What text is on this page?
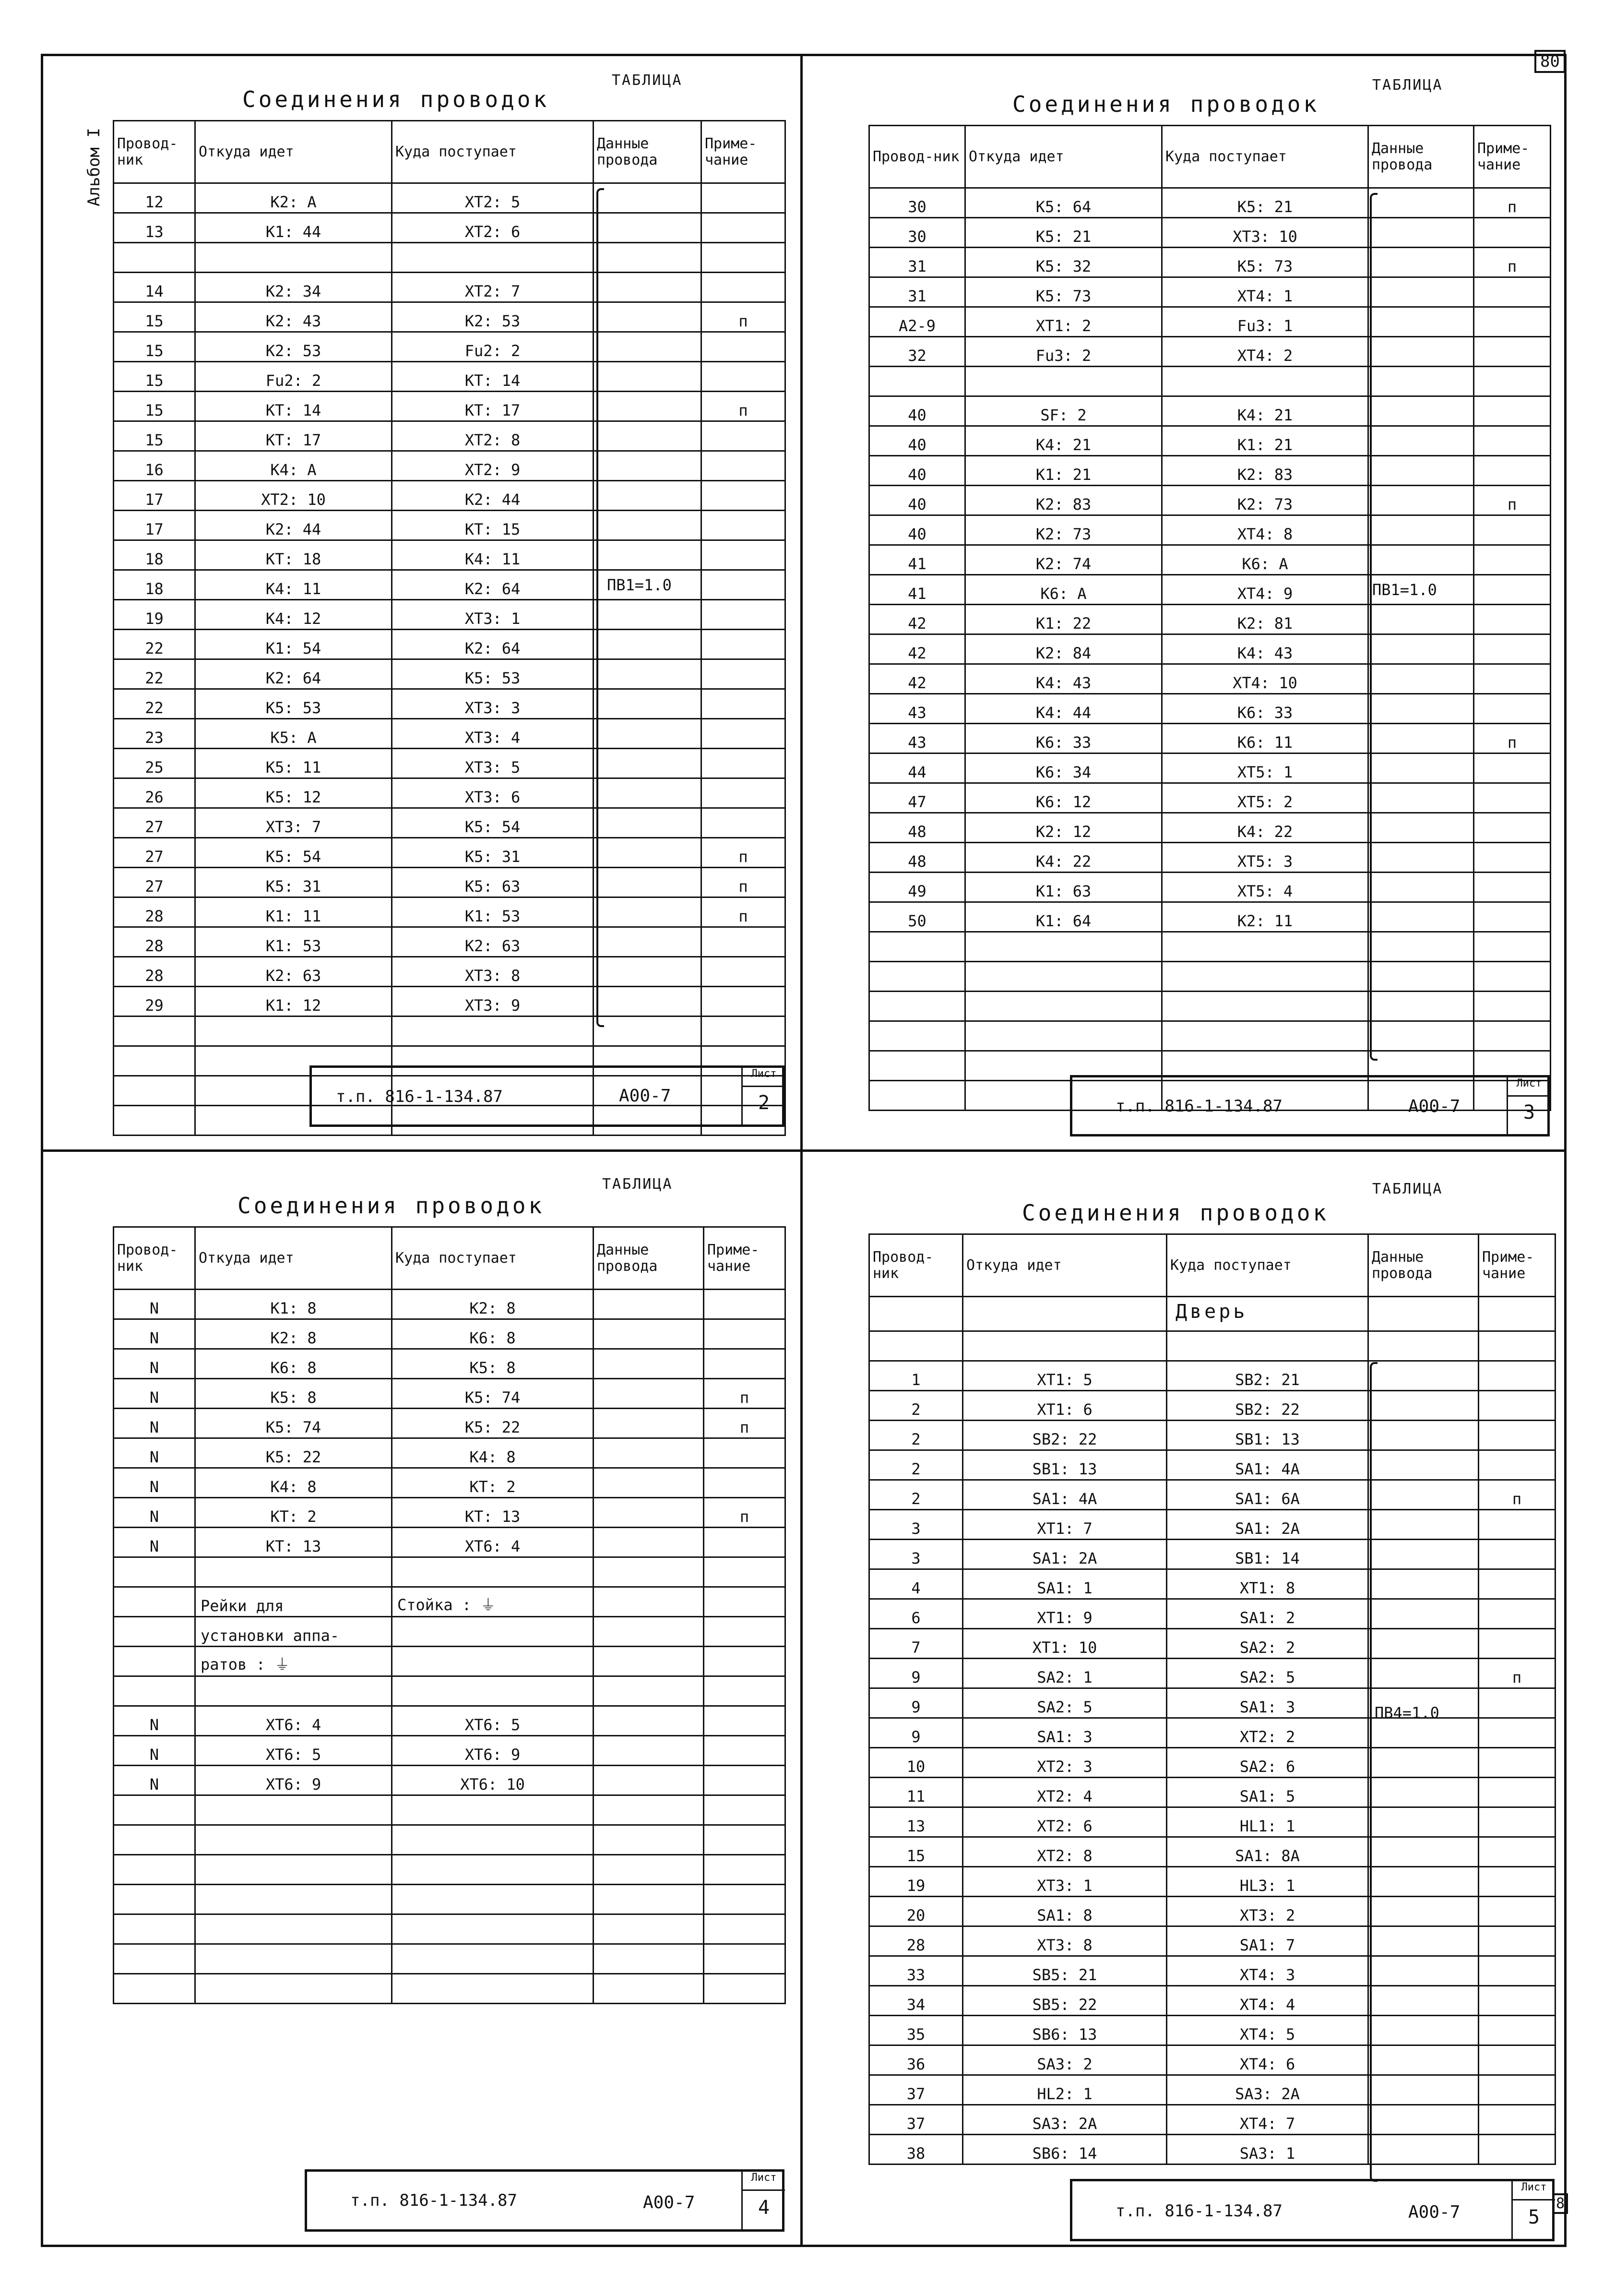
Альбом I
80
8
ТАБЛИЦА
Соединения проводок
Провод-ник	Откуда идет	Куда поступает	Данные провода	Приме-чание
12	K2: A	XT2: 5		
13	K1: 44	XT2: 6		

14	K2: 34	XT2: 7		
15	K2: 43	K2: 53		п
15	K2: 53	Fu2: 2		
15	Fu2: 2	KT: 14		
15	KT: 14	KT: 17		п
15	KT: 17	XT2: 8		
16	K4: A	XT2: 9		
17	XT2: 10	K2: 44		
17	K2: 44	KT: 15		
18	KT: 18	K4: 11		
18	K4: 11	K2: 64		
19	K4: 12	XT3: 1		
22	K1: 54	K2: 64		
22	K2: 64	K5: 53		
22	K5: 53	XT3: 3		
23	K5: A	XT3: 4		
25	K5: 11	XT3: 5		
26	K5: 12	XT3: 6		
27	XT3: 7	K5: 54		
27	K5: 54	K5: 31		п
27	K5: 31	K5: 63		п
28	K1: 11	K1: 53		п
28	K1: 53	K2: 63		
28	K2: 63	XT3: 8		
29	K1: 12	XT3: 9		

ПВ1=1.0
т.п. 816-1-134.87	А00-7
Лист
2
ТАБЛИЦА
Соединения проводок
Провод-ник	Откуда идет	Куда поступает	Данные провода	Приме-чание
30	K5: 64	K5: 21		п
30	K5: 21	XT3: 10		
31	K5: 32	K5: 73		п
31	K5: 73	XT4: 1		
A2-9	XT1: 2	Fu3: 1		
32	Fu3: 2	XT4: 2		

40	SF: 2	K4: 21		
40	K4: 21	K1: 21		
40	K1: 21	K2: 83		
40	K2: 83	K2: 73		п
40	K2: 73	XT4: 8		
41	K2: 74	K6: A		
41	K6: A	XT4: 9		
42	K1: 22	K2: 81		
42	K2: 84	K4: 43		
42	K4: 43	XT4: 10		
43	K4: 44	K6: 33		
43	K6: 33	K6: 11		п
44	K6: 34	XT5: 1		
47	K6: 12	XT5: 2		
48	K2: 12	K4: 22		
48	K4: 22	XT5: 3		
49	K1: 63	XT5: 4		
50	K1: 64	K2: 11		

ПВ1=1.0
т.п. 816-1-134.87	А00-7
Лист
3
ТАБЛИЦА
Соединения проводок
Провод-ник	Откуда идет	Куда поступает	Данные провода	Приме-чание
N	K1: 8	K2: 8		
N	K2: 8	K6: 8		
N	K6: 8	K5: 8		
N	K5: 8	K5: 74		п
N	K5: 74	K5: 22		п
N	K5: 22	K4: 8		
N	K4: 8	KT: 2		
N	KT: 2	KT: 13		п
N	KT: 13	XT6: 4		

	Рейки для	Стойка : ⏚		
	установки аппа-			
	ратов : ⏚			

N	XT6: 4	XT6: 5		
N	XT6: 5	XT6: 9		
N	XT6: 9	XT6: 10		

т.п. 816-1-134.87	А00-7
Лист
4
ТАБЛИЦА
Соединения проводок
Провод-ник	Откуда идет	Куда поступает	Данные провода	Приме-чание

1	XT1: 5	SB2: 21		
2	XT1: 6	SB2: 22		
2	SB2: 22	SB1: 13		
2	SB1: 13	SA1: 4A		
2	SA1: 4A	SA1: 6A		п
3	XT1: 7	SA1: 2A		
3	SA1: 2A	SB1: 14		
4	SA1: 1	XT1: 8		
6	XT1: 9	SA1: 2		
7	XT1: 10	SA2: 2		
9	SA2: 1	SA2: 5		п
9	SA2: 5	SA1: 3		
9	SA1: 3	XT2: 2		
10	XT2: 3	SA2: 6		
11	XT2: 4	SA1: 5		
13	XT2: 6	HL1: 1		
15	XT2: 8	SA1: 8A		
19	XT3: 1	HL3: 1		
20	SA1: 8	XT3: 2		
28	XT3: 8	SA1: 7		
33	SB5: 21	XT4: 3		
34	SB5: 22	XT4: 4		
35	SB6: 13	XT4: 5		
36	SA3: 2	XT4: 6		
37	HL2: 1	SA3: 2A		
37	SA3: 2A	XT4: 7		
38	SB6: 14	SA3: 1		
Дверь
ПВ4=1.0
т.п. 816-1-134.87	А00-7
Лист
5
